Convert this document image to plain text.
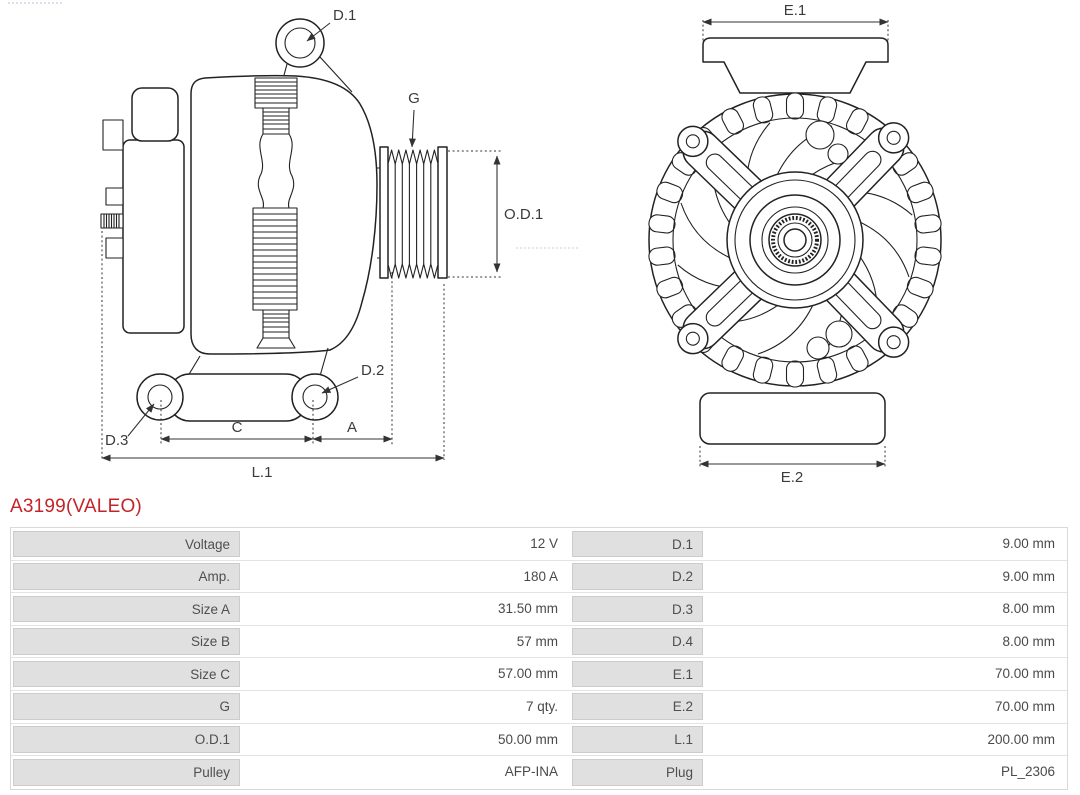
D.1
G
O.D.1
D.2
D.3
C	A
L.1
E.1
E.2
A3199(VALEO)
Voltage	12 V	D.1	9.00 mm
Amp.	180 A	D.2	9.00 mm
Size A	31.50 mm	D.3	8.00 mm
Size B	57 mm	D.4	8.00 mm
Size C	57.00 mm	E.1	70.00 mm
G	7 qty.	E.2	70.00 mm
O.D.1	50.00 mm	L.1	200.00 mm
Pulley	AFP-INA	Plug	PL_2306
